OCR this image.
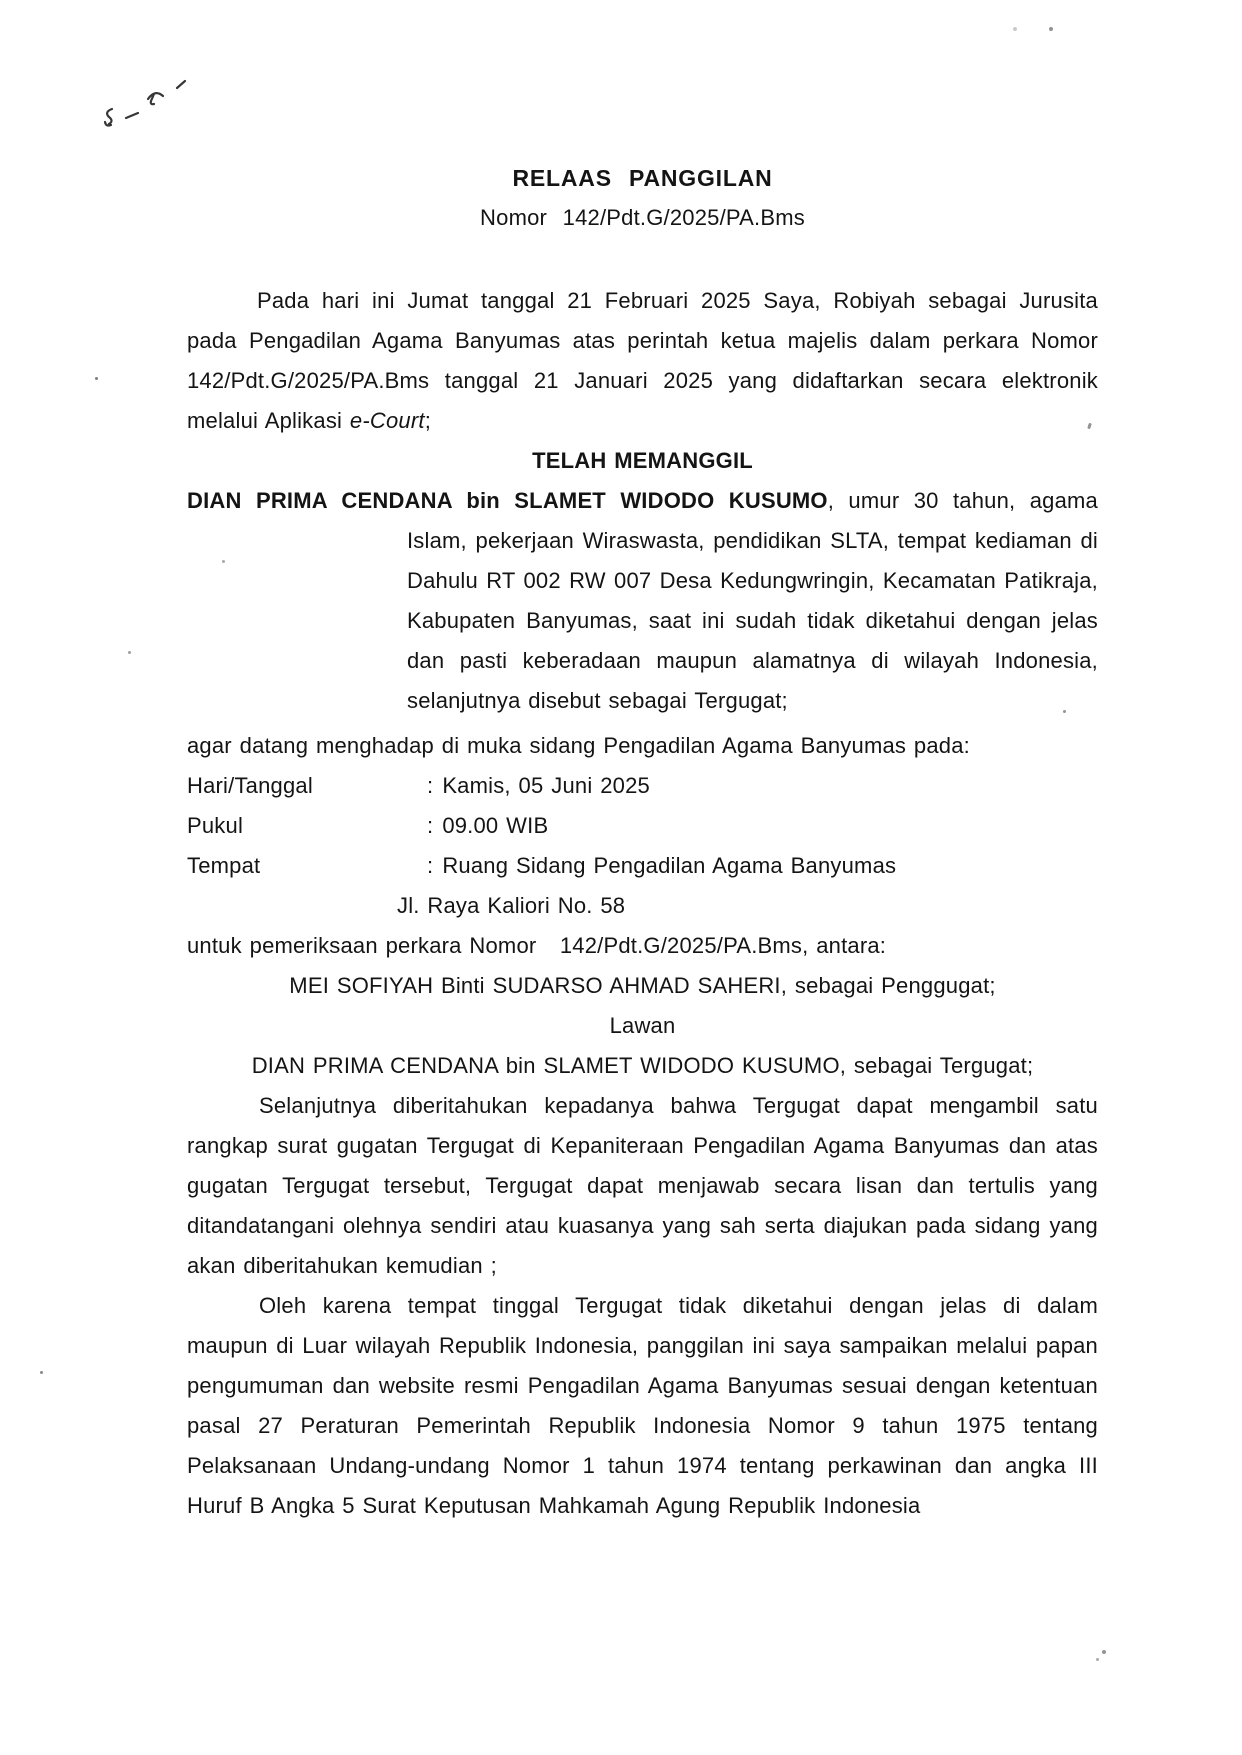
RELAAS PANGGILAN
Nomor  142/Pdt.G/2025/PA.Bms

Pada hari ini Jumat tanggal 21 Februari 2025 Saya, Robiyah sebagai Jurusita pada Pengadilan Agama Banyumas atas perintah ketua majelis dalam perkara Nomor 142/Pdt.G/2025/PA.Bms tanggal 21 Januari 2025 yang didaftarkan secara elektronik melalui Aplikasi e-Court;

TELAH MEMANGGIL

DIAN PRIMA CENDANA bin SLAMET WIDODO KUSUMO, umur 30 tahun, agama Islam, pekerjaan Wiraswasta, pendidikan SLTA, tempat kediaman di Dahulu RT 002 RW 007 Desa Kedungwringin, Kecamatan Patikraja, Kabupaten Banyumas, saat ini sudah tidak diketahui dengan jelas dan pasti keberadaan maupun alamatnya di wilayah Indonesia, selanjutnya disebut sebagai Tergugat;

agar datang menghadap di muka sidang Pengadilan Agama Banyumas pada:
Hari/Tanggal	: Kamis, 05 Juni 2025
Pukul	: 09.00 WIB
Tempat	: Ruang Sidang Pengadilan Agama Banyumas
Jl. Raya Kaliori No. 58
untuk pemeriksaan perkara Nomor   142/Pdt.G/2025/PA.Bms, antara:
MEI SOFIYAH Binti SUDARSO AHMAD SAHERI, sebagai Penggugat;
Lawan
DIAN PRIMA CENDANA bin SLAMET WIDODO KUSUMO, sebagai Tergugat;

Selanjutnya diberitahukan kepadanya bahwa Tergugat dapat mengambil satu rangkap surat gugatan Tergugat di Kepaniteraan Pengadilan Agama Banyumas dan atas gugatan Tergugat tersebut, Tergugat dapat menjawab secara lisan dan tertulis yang ditandatangani olehnya sendiri atau kuasanya yang sah serta diajukan pada sidang yang akan diberitahukan kemudian ;

Oleh karena tempat tinggal Tergugat tidak diketahui dengan jelas di dalam maupun di Luar wilayah Republik Indonesia, panggilan ini saya sampaikan melalui papan pengumuman dan website resmi Pengadilan Agama Banyumas sesuai dengan ketentuan pasal 27 Peraturan Pemerintah Republik Indonesia Nomor 9 tahun 1975 tentang Pelaksanaan Undang-undang Nomor 1 tahun 1974 tentang perkawinan dan angka III Huruf B Angka 5 Surat Keputusan Mahkamah Agung Republik Indonesia
